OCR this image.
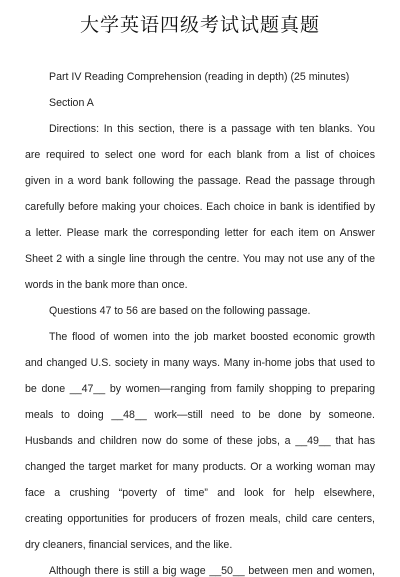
大学英语四级考试试题真题
Part IV Reading Comprehension (reading in depth) (25 minutes)
Section A
Directions: In this section, there is a passage with ten blanks. You
are required to select one word for each blank from a list of choices
given in a word bank following the passage. Read the passage through
carefully before making your choices. Each choice in bank is identified by
a letter. Please mark the corresponding letter for each item on Answer
Sheet 2 with a single line through the centre. You may not use any of the
words in the bank more than once.
Questions 47 to 56 are based on the following passage.
The flood of women into the job market boosted economic growth
and changed U.S. society in many ways. Many in-home jobs that used to
be done __47__ by women—ranging from family shopping to preparing
meals to doing __48__ work—still need to be done by someone.
Husbands and children now do some of these jobs, a __49__ that has
changed the target market for many products. Or a working woman may
face a crushing “poverty of time” and look for help elsewhere,
creating opportunities for producers of frozen meals, child care centers,
dry cleaners, financial services, and the like.
Although there is still a big wage __50__ between men and women,
